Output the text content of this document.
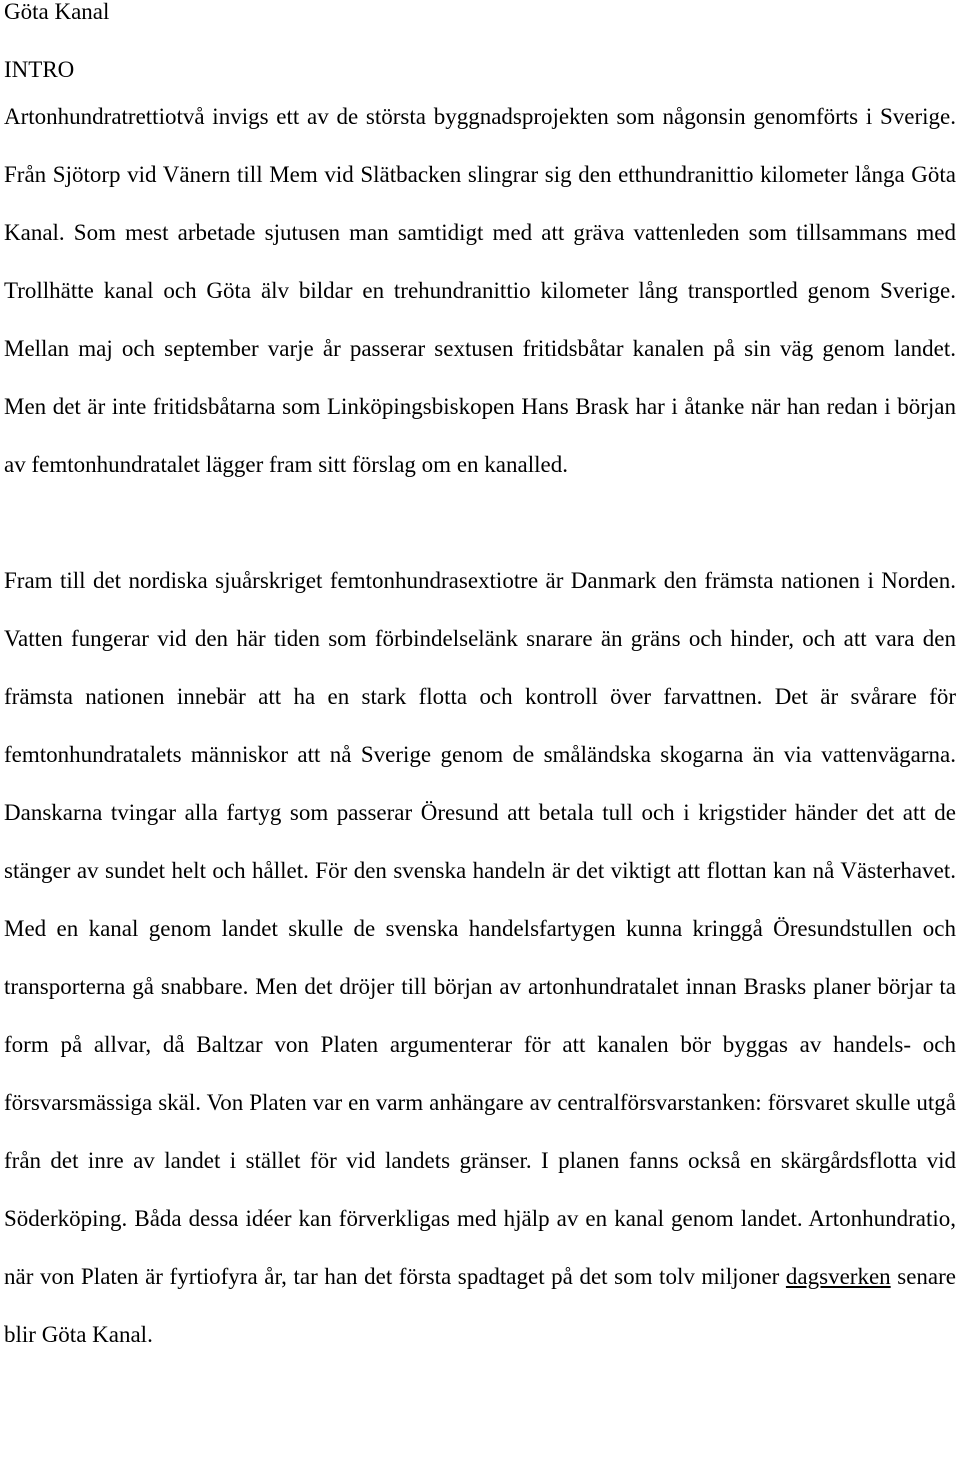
Göta Kanal
INTRO

Artonhundratrettiotvå invigs ett av de största byggnadsprojekten som någonsin genomförts i Sverige. Från Sjötorp vid Vänern till Mem vid Slätbacken slingrar sig den etthundranittio kilometer långa Göta Kanal. Som mest arbetade sjutusen man samtidigt med att gräva vattenleden som tillsammans med Trollhätte kanal och Göta älv bildar en trehundranittio kilometer lång transportled genom Sverige. Mellan maj och september varje år passerar sextusen fritidsbåtar kanalen på sin väg genom landet. Men det är inte fritidsbåtarna som Linköpingsbiskopen Hans Brask har i åtanke när han redan i början av femtonhundratalet lägger fram sitt förslag om en kanalled.

Fram till det nordiska sjuårskriget femtonhundrasextiotre är Danmark den främsta nationen i Norden. Vatten fungerar vid den här tiden som förbindelselänk snarare än gräns och hinder, och att vara den främsta nationen innebär att ha en stark flotta och kontroll över farvattnen. Det är svårare för femtonhundratalets människor att nå Sverige genom de småländska skogarna än via vattenvägarna. Danskarna tvingar alla fartyg som passerar Öresund att betala tull och i krigstider händer det att de stänger av sundet helt och hållet. För den svenska handeln är det viktigt att flottan kan nå Västerhavet. Med en kanal genom landet skulle de svenska handelsfartygen kunna kringgå Öresundstullen och transporterna gå snabbare. Men det dröjer till början av artonhundratalet innan Brasks planer börjar ta form på allvar, då Baltzar von Platen argumenterar för att kanalen bör byggas av handels- och försvarsmässiga skäl. Von Platen var en varm anhängare av centralförsvarstanken: försvaret skulle utgå från det inre av landet i stället för vid landets gränser. I planen fanns också en skärgårdsflotta vid Söderköping. Båda dessa idéer kan förverkligas med hjälp av en kanal genom landet. Artonhundratio, när von Platen är fyrtiofyra år, tar han det första spadtaget på det som tolv miljoner dagsverken senare blir Göta Kanal.
